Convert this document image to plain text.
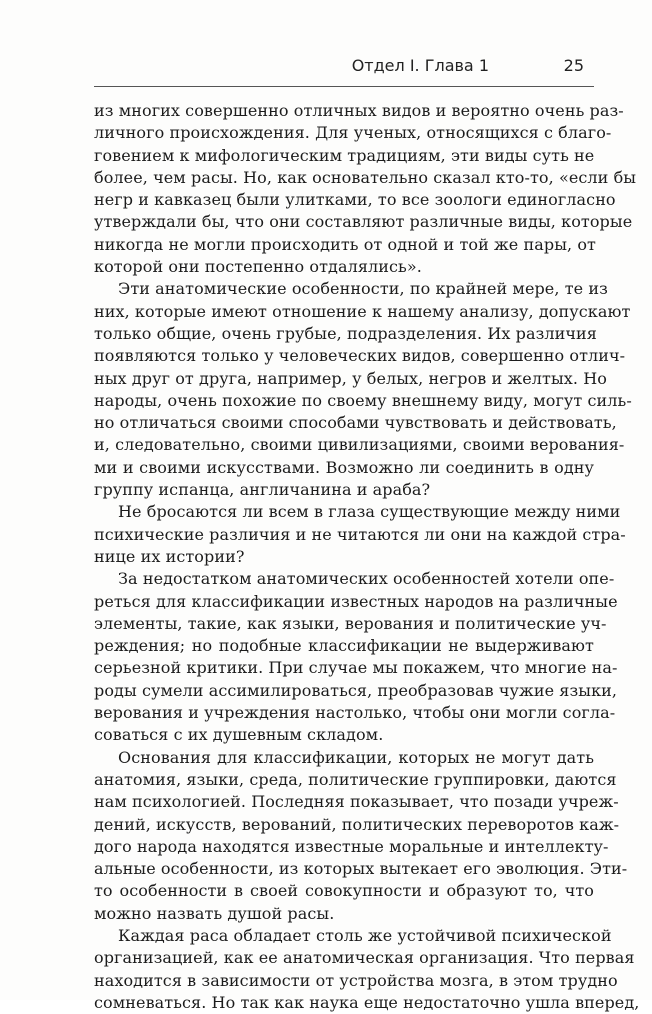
Отдел I. Глава 1	25

из многих совершенно отличных видов и вероятно очень раз-
личного происхождения. Для ученых, относящихся с благо-
говением к мифологическим традициям, эти виды суть не
более, чем расы. Но, как основательно сказал кто-то, «если бы
негр и кавказец были улитками, то все зоологи единогласно
утверждали бы, что они составляют различные виды, которые
никогда не могли происходить от одной и той же пары, от
которой они постепенно отдалялись».

Эти анатомические особенности, по крайней мере, те из
них, которые имеют отношение к нашему анализу, допускают
только общие, очень грубые, подразделения. Их различия
появляются только у человеческих видов, совершенно отлич-
ных друг от друга, например, у белых, негров и желтых. Но
народы, очень похожие по своему внешнему виду, могут силь-
но отличаться своими способами чувствовать и действовать,
и, следовательно, своими цивилизациями, своими верования-
ми и своими искусствами. Возможно ли соединить в одну
группу испанца, англичанина и араба?

Не бросаются ли всем в глаза существующие между ними
психические различия и не читаются ли они на каждой стра-
нице их истории?

За недостатком анатомических особенностей хотели опе-
реться для классификации известных народов на различные
элементы, такие, как языки, верования и политические уч-
реждения; но подобные классификации не выдерживают
серьезной критики. При случае мы покажем, что многие на-
роды сумели ассимилироваться, преобразовав чужие языки,
верования и учреждения настолько, чтобы они могли согла-
соваться с их душевным складом.

Основания для классификации, которых не могут дать
анатомия, языки, среда, политические группировки, даются
нам психологией. Последняя показывает, что позади учреж-
дений, искусств, верований, политических переворотов каж-
дого народа находятся известные моральные и интеллекту-
альные особенности, из которых вытекает его эволюция. Эти-
то особенности в своей совокупности и образуют то, что
можно назвать душой расы.

Каждая раса обладает столь же устойчивой психической
организацией, как ее анатомическая организация. Что первая
находится в зависимости от устройства мозга, в этом трудно
сомневаться. Но так как наука еще недостаточно ушла вперед,
